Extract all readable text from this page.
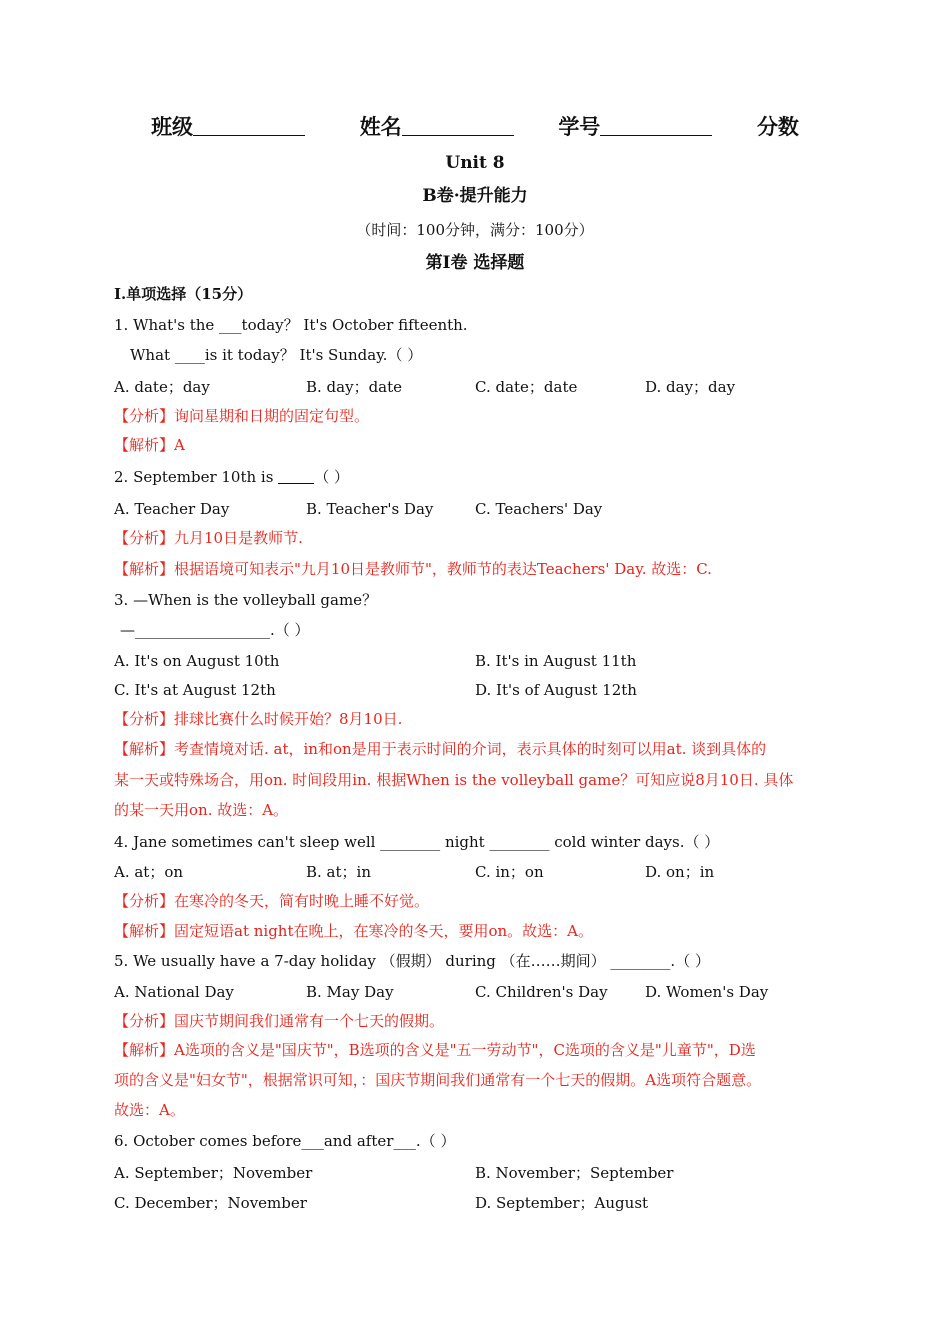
班级	姓名	学号	分数
Unit 8
B卷·提升能力
（时间：100分钟，满分：100分）
第Ⅰ卷 选择题
I.单项选择（15分）
1. What's the ___today？ It's October fifteenth.
What ____is it today？ It's Sunday.（ ）
A. date；day	B. day；date	C. date；date	D. day；day
【分析】询问星期和日期的固定句型。
【解析】A
2. September 10th is （ ）
A. Teacher Day	B. Teacher's Day	C. Teachers' Day
【分析】九月10日是教师节.
【解析】根据语境可知表示"九月10日是教师节"，教师节的表达Teachers' Day. 故选：C.
3. —When is the volleyball game？
—__________________.（ ）
A. It's on August 10th	B. It's in August 11th
C. It's at August 12th	D. It's of August 12th
【分析】排球比赛什么时候开始？8月10日.
【解析】考查情境对话. at，in和on是用于表示时间的介词，表示具体的时刻可以用at. 谈到具体的
某一天或特殊场合，用on. 时间段用in. 根据When is the volleyball game？可知应说8月10日. 具体
的某一天用on. 故选：A。
4. Jane sometimes can't sleep well ________ night ________ cold winter days.（ ）
A. at；on	B. at；in	C. in；on	D. on；in
【分析】在寒冷的冬天，简有时晚上睡不好觉。
【解析】固定短语at night在晚上，在寒冷的冬天，要用on。故选：A。
5. We usually have a 7-day holiday （假期） during （在……期间） ________.（ ）
A. National Day	B. May Day	C. Children's Day D. Women's Day
【分析】国庆节期间我们通常有一个七天的假期。
【解析】A选项的含义是"国庆节"，B选项的含义是"五一劳动节"，C选项的含义是"儿童节"，D选
项的含义是"妇女节"，根据常识可知，：国庆节期间我们通常有一个七天的假期。A选项符合题意。
故选：A。
6. October comes before___and after___.（ ）
A. September；November	B. November；September
C. December；November	D. September；August
